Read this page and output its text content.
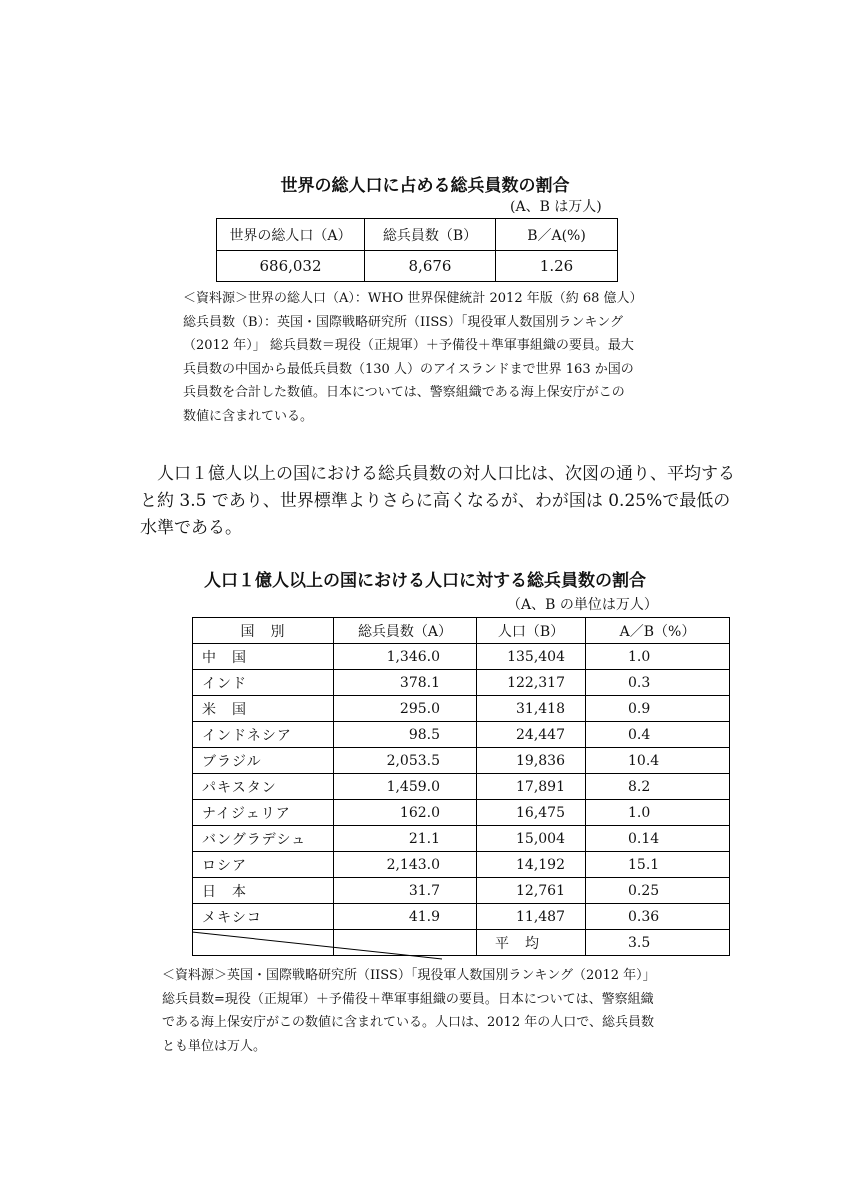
世界の総人口に占める総兵員数の割合
(A、B は万人)
世界の総人口（A）	総兵員数（B）	B／A(%)
686,032	8,676	1.26
＜資料源＞世界の総人口（A）：WHO 世界保健統計 2012 年版（約 68 億人）
総兵員数（B）：英国・国際戦略研究所（IISS）「現役軍人数国別ランキング
（2012 年）」 総兵員数＝現役（正規軍）＋予備役＋準軍事組織の要員。最大
兵員数の中国から最低兵員数（130 人）のアイスランドまで世界 163 か国の
兵員数を合計した数値。日本については、警察組織である海上保安庁がこの
数値に含まれている。
人口１億人以上の国における総兵員数の対人口比は、次図の通り、平均する
と約 3.5 であり、世界標準よりさらに高くなるが、わが国は 0.25%で最低の
水準である。
人口１億人以上の国における人口に対する総兵員数の割合
（A、B の単位は万人）
国　別	総兵員数（A）	人口（B）	A／B（%）
中　国	1,346.0	135,404	1.0
インド	378.1	122,317	0.3
米　国	295.0	31,418	0.9
インドネシア	98.5	24,447	0.4
ブラジル	2,053.5	19,836	10.4
パキスタン	1,459.0	17,891	8.2
ナイジェリア	162.0	16,475	1.0
バングラデシュ	21.1	15,004	0.14
ロシア	2,143.0	14,192	15.1
日　本	31.7	12,761	0.25
メキシコ	41.9	11,487	0.36
		平　均	3.5
＜資料源＞英国・国際戦略研究所（IISS）「現役軍人数国別ランキング（2012 年）」
総兵員数=現役（正規軍）＋予備役＋準軍事組織の要員。日本については、警察組織
である海上保安庁がこの数値に含まれている。人口は、2012 年の人口で、総兵員数
とも単位は万人。
